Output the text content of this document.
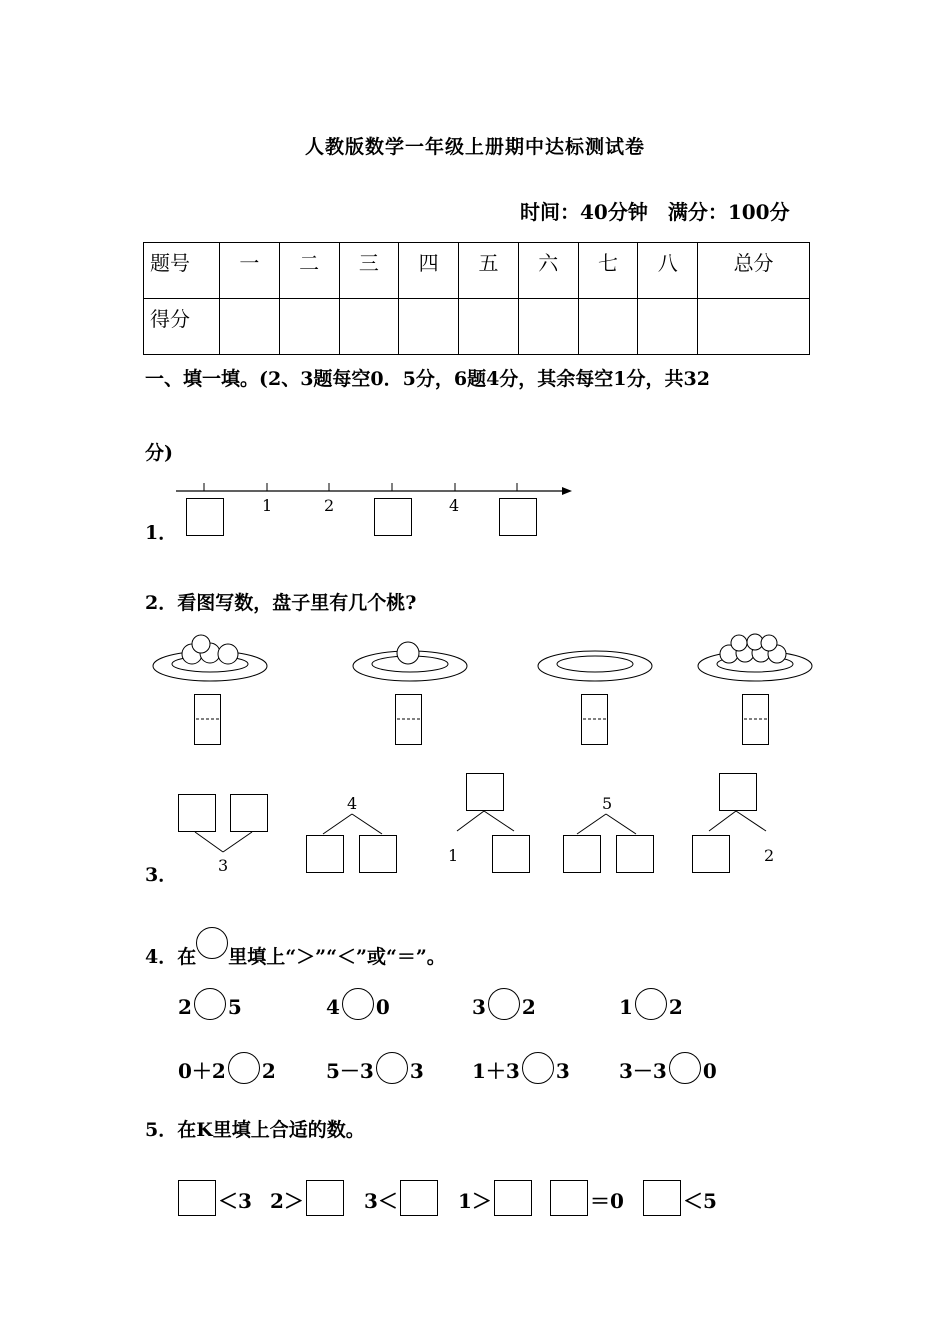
人教版数学一年级上册期中达标测试卷
时间：40分钟 满分：100分
题号	一	二	三	四	五	六	七	八	总分
得分									
一、填一填。(2、3题每空0．5分，6题4分，其余每空1分，共32
分)
1．
1	2	4
2．看图写数，盘子里有几个桃?
3．	3
4
1
5
2
4．在 里填上“＞”“＜”或“＝”。
2 5	4 0	3 2	1 2
0＋2 2	5－3 3 1＋3 3 3－3 0
5．在K里填上合适的数。
＜3 2＞	3＜	1＞	＝0	＜5
